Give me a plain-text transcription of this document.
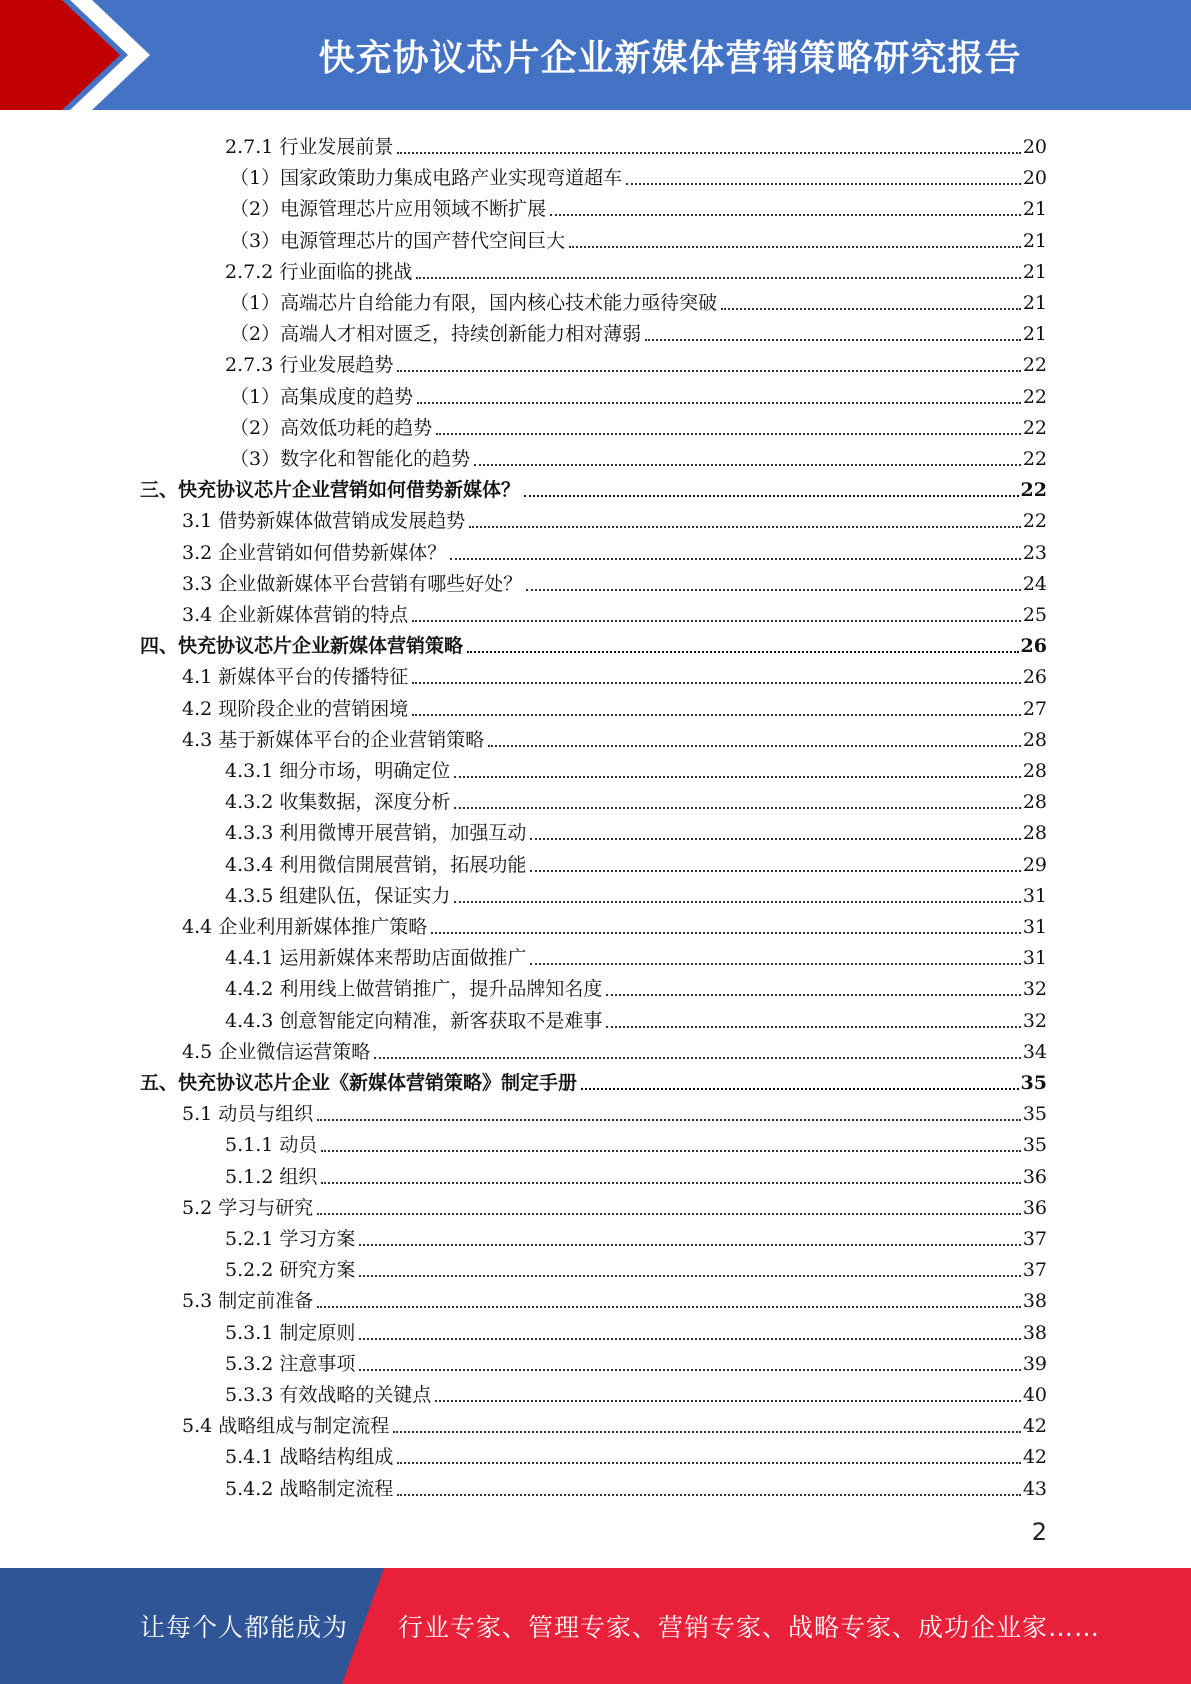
快充协议芯片企业新媒体营销策略研究报告
2.7.1 行业发展前景	20
（1）国家政策助力集成电路产业实现弯道超车	20
（2）电源管理芯片应用领域不断扩展	21
（3）电源管理芯片的国产替代空间巨大	21
2.7.2 行业面临的挑战	21
（1）高端芯片自给能力有限，国内核心技术能力亟待突破	21
（2）高端人才相对匮乏，持续创新能力相对薄弱	21
2.7.3 行业发展趋势	22
（1）高集成度的趋势	22
（2）高效低功耗的趋势	22
（3）数字化和智能化的趋势	22
三、快充协议芯片企业营销如何借势新媒体？	22
3.1 借势新媒体做营销成发展趋势	22
3.2 企业营销如何借势新媒体？	23
3.3 企业做新媒体平台营销有哪些好处？	24
3.4 企业新媒体营销的特点	25
四、快充协议芯片企业新媒体营销策略	26
4.1 新媒体平台的传播特征	26
4.2 现阶段企业的营销困境	27
4.3 基于新媒体平台的企业营销策略	28
4.3.1 细分市场，明确定位	28
4.3.2 收集数据，深度分析	28
4.3.3 利用微博开展营销，加强互动	28
4.3.4 利用微信開展营销，拓展功能	29
4.3.5 组建队伍，保证实力	31
4.4 企业利用新媒体推广策略	31
4.4.1 运用新媒体来帮助店面做推广	31
4.4.2 利用线上做营销推广，提升品牌知名度	32
4.4.3 创意智能定向精准，新客获取不是难事	32
4.5 企业微信运营策略	34
五、快充协议芯片企业《新媒体营销策略》制定手册	35
5.1 动员与组织	35
5.1.1 动员	35
5.1.2 组织	36
5.2 学习与研究	36
5.2.1 学习方案	37
5.2.2 研究方案	37
5.3 制定前准备	38
5.3.1 制定原则	38
5.3.2 注意事项	39
5.3.3 有效战略的关键点	40
5.4 战略组成与制定流程	42
5.4.1 战略结构组成	42
5.4.2 战略制定流程	43
2
让每个人都能成为 行业专家、管理专家、营销专家、战略专家、成功企业家……
